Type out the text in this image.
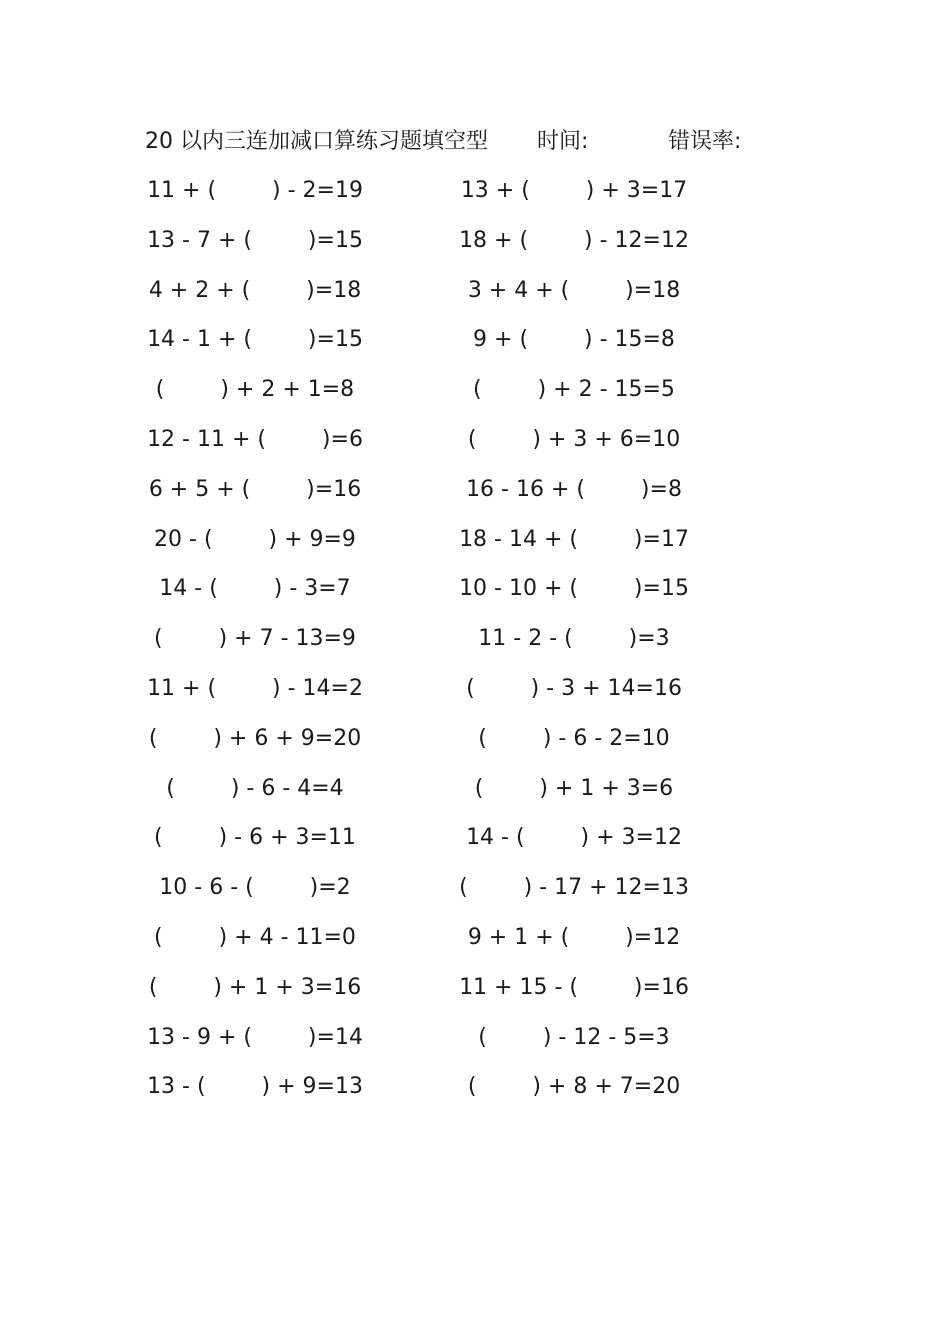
20 以内三连加减口算练习题填空型 时间:	错误率:
11 + (        ) - 2=19	13 + (        ) + 3=17
13 - 7 + (        )=15	18 + (        ) - 12=12
4 + 2 + (        )=18	3 + 4 + (        )=18
14 - 1 + (        )=15	9 + (        ) - 15=8
(        ) + 2 + 1=8	(        ) + 2 - 15=5
12 - 11 + (        )=6	(        ) + 3 + 6=10
6 + 5 + (        )=16	16 - 16 + (        )=8
20 - (        ) + 9=9	18 - 14 + (        )=17
14 - (        ) - 3=7	10 - 10 + (        )=15
(        ) + 7 - 13=9	11 - 2 - (        )=3
11 + (        ) - 14=2	(        ) - 3 + 14=16
(        ) + 6 + 9=20	(        ) - 6 - 2=10
(        ) - 6 - 4=4	(        ) + 1 + 3=6
(        ) - 6 + 3=11	14 - (        ) + 3=12
10 - 6 - (        )=2	(        ) - 17 + 12=13
(        ) + 4 - 11=0	9 + 1 + (        )=12
(        ) + 1 + 3=16	11 + 15 - (        )=16
13 - 9 + (        )=14	(        ) - 12 - 5=3
13 - (        ) + 9=13	(        ) + 8 + 7=20
